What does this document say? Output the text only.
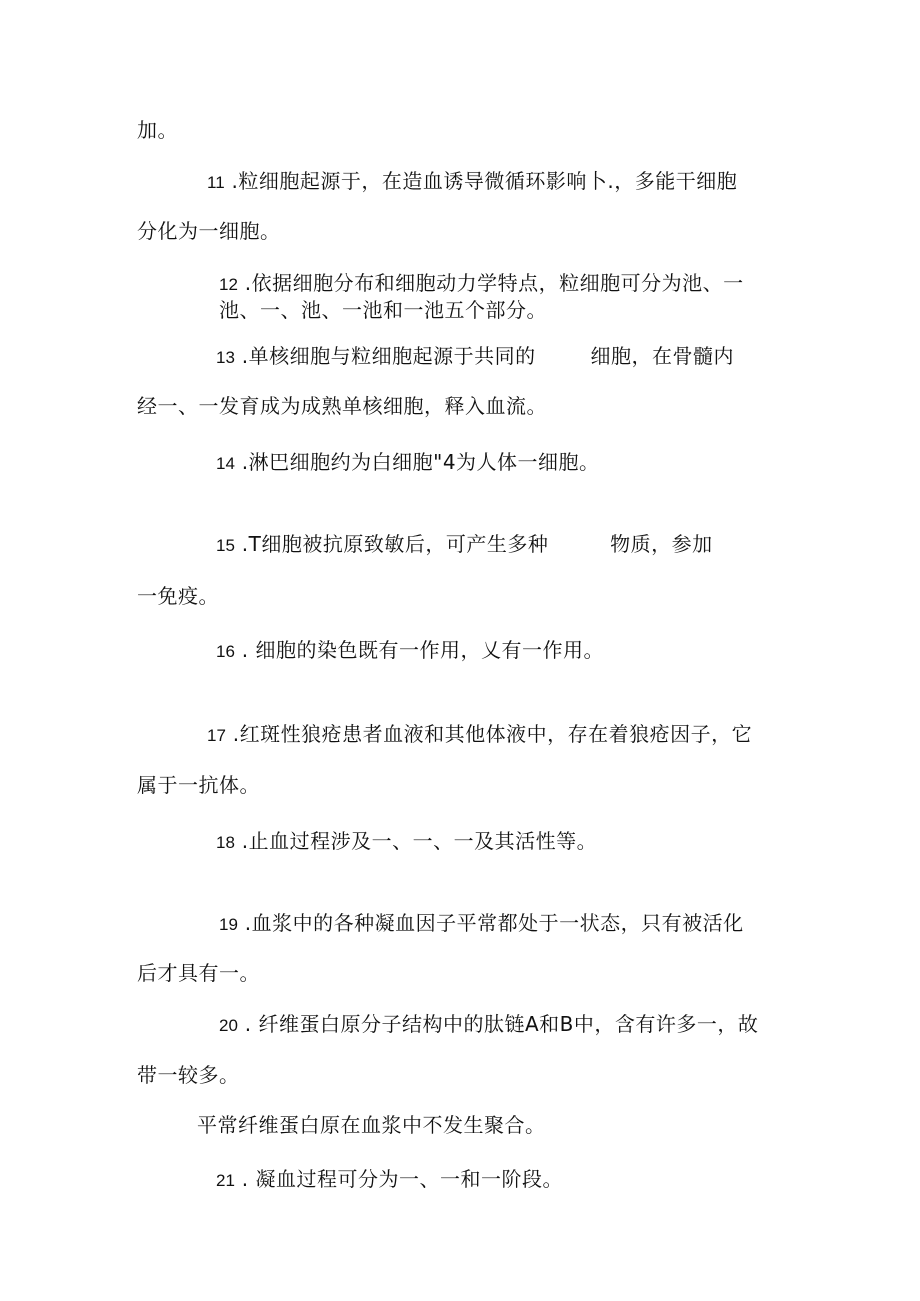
加。
11 .粒细胞起源于，在造血诱导微循环影响卜.，多能干细胞
分化为一细胞。
12 .依据细胞分布和细胞动力学特点，粒细胞可分为池、一
池、一、池、一池和一池五个部分。
13 .单核细胞与粒细胞起源于共同的        细胞，在骨髓内
经一、一发育成为成熟单核细胞，释入血流。
14 .淋巴细胞约为白细胞"4为人体一细胞。
15 .T细胞被抗原致敏后，可产生多种         物质，参加
一免疫。
16 . 细胞的染色既有一作用，乂有一作用。
17 .红斑性狼疮患者血液和其他体液中，存在着狼疮因子，它
属于一抗体。
18 .止血过程涉及一、一、一及其活性等。
19 .血浆中的各种凝血因子平常都处于一状态，只有被活化
后才具有一。
20 . 纤维蛋白原分子结构中的肽链A和B中，含有许多一，故
带一较多。
平常纤维蛋白原在血浆中不发生聚合。
21 . 凝血过程可分为一、一和一阶段。
